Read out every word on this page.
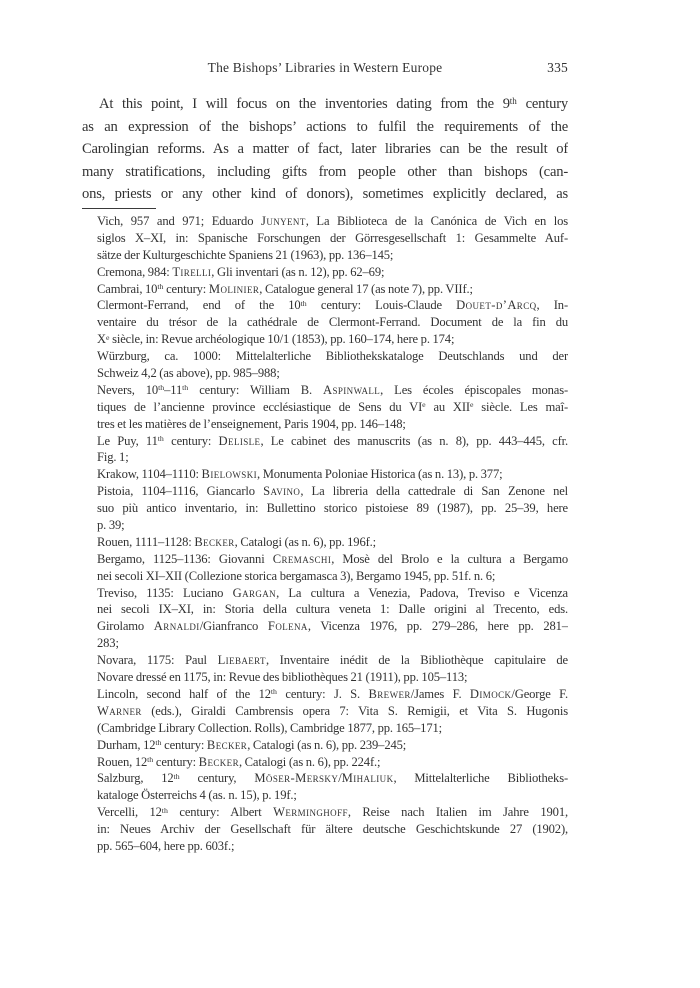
The Bishops’ Libraries in Western Europe	335
At this point, I will focus on the inventories dating from the 9th century
as an expression of the bishops’ actions to fulfil the requirements of the
Carolingian reforms. As a matter of fact, later libraries can be the result of
many stratifications, including gifts from people other than bishops (can-
ons, priests or any other kind of donors), sometimes explicitly declared, as
Vich, 957 and 971; Eduardo Junyent, La Biblioteca de la Canónica de Vich en los
siglos X–XI, in: Spanische Forschungen der Görresgesellschaft 1: Gesammelte Auf-
sätze der Kulturgeschichte Spaniens 21 (1963), pp. 136–145;
Cremona, 984: Tirelli, Gli inventari (as n. 12), pp. 62–69;
Cambrai, 10th century: Molinier, Catalogue general 17 (as note 7), pp. VIIf.;
Clermont-Ferrand, end of the 10th century: Louis-Claude Douet-d’Arcq, In-
ventaire du trésor de la cathédrale de Clermont-Ferrand. Document de la fin du
Xe siècle, in: Revue archéologique 10/1 (1853), pp. 160–174, here p. 174;
Würzburg, ca. 1000: Mittelalterliche Bibliothekskataloge Deutschlands und der
Schweiz 4,2 (as above), pp. 985–988;
Nevers, 10th–11th century: William B. Aspinwall, Les écoles épiscopales monas-
tiques de l’ancienne province ecclésiastique de Sens du VIe au XIIe siècle. Les maî-
tres et les matières de l’enseignement, Paris 1904, pp. 146–148;
Le Puy, 11th century: Delisle, Le cabinet des manuscrits (as n. 8), pp. 443–445, cfr.
Fig. 1;
Krakow, 1104–1110: Bielowski, Monumenta Poloniae Historica (as n. 13), p. 377;
Pistoia, 1104–1116, Giancarlo Savino, La libreria della cattedrale di San Zenone nel
suo più antico inventario, in: Bullettino storico pistoiese 89 (1987), pp. 25–39, here
p. 39;
Rouen, 1111–1128: Becker, Catalogi (as n. 6), pp. 196f.;
Bergamo, 1125–1136: Giovanni Cremaschi, Mosè del Brolo e la cultura a Bergamo
nei secoli XI–XII (Collezione storica bergamasca 3), Bergamo 1945, pp. 51f. n. 6;
Treviso, 1135: Luciano Gargan, La cultura a Venezia, Padova, Treviso e Vicenza
nei secoli IX–XI, in: Storia della cultura veneta 1: Dalle origini al Trecento, eds.
Girolamo Arnaldi/Gianfranco Folena, Vicenza 1976, pp. 279–286, here pp. 281–
283;
Novara, 1175: Paul Liebaert, Inventaire inédit de la Bibliothèque capitulaire de
Novare dressé en 1175, in: Revue des bibliothèques 21 (1911), pp. 105–113;
Lincoln, second half of the 12th century: J. S. Brewer/James F. Dimock/George F.
Warner (eds.), Giraldi Cambrensis opera 7: Vita S. Remigii, et Vita S. Hugonis
(Cambridge Library Collection. Rolls), Cambridge 1877, pp. 165–171;
Durham, 12th century: Becker, Catalogi (as n. 6), pp. 239–245;
Rouen, 12th century: Becker, Catalogi (as n. 6), pp. 224f.;
Salzburg, 12th century, Möser-Mersky/Mihaliuk, Mittelalterliche Bibliotheks-
kataloge Österreichs 4 (as. n. 15), p. 19f.;
Vercelli, 12th century: Albert Werminghoff, Reise nach Italien im Jahre 1901,
in: Neues Archiv der Gesellschaft für ältere deutsche Geschichtskunde 27 (1902),
pp. 565–604, here pp. 603f.;
